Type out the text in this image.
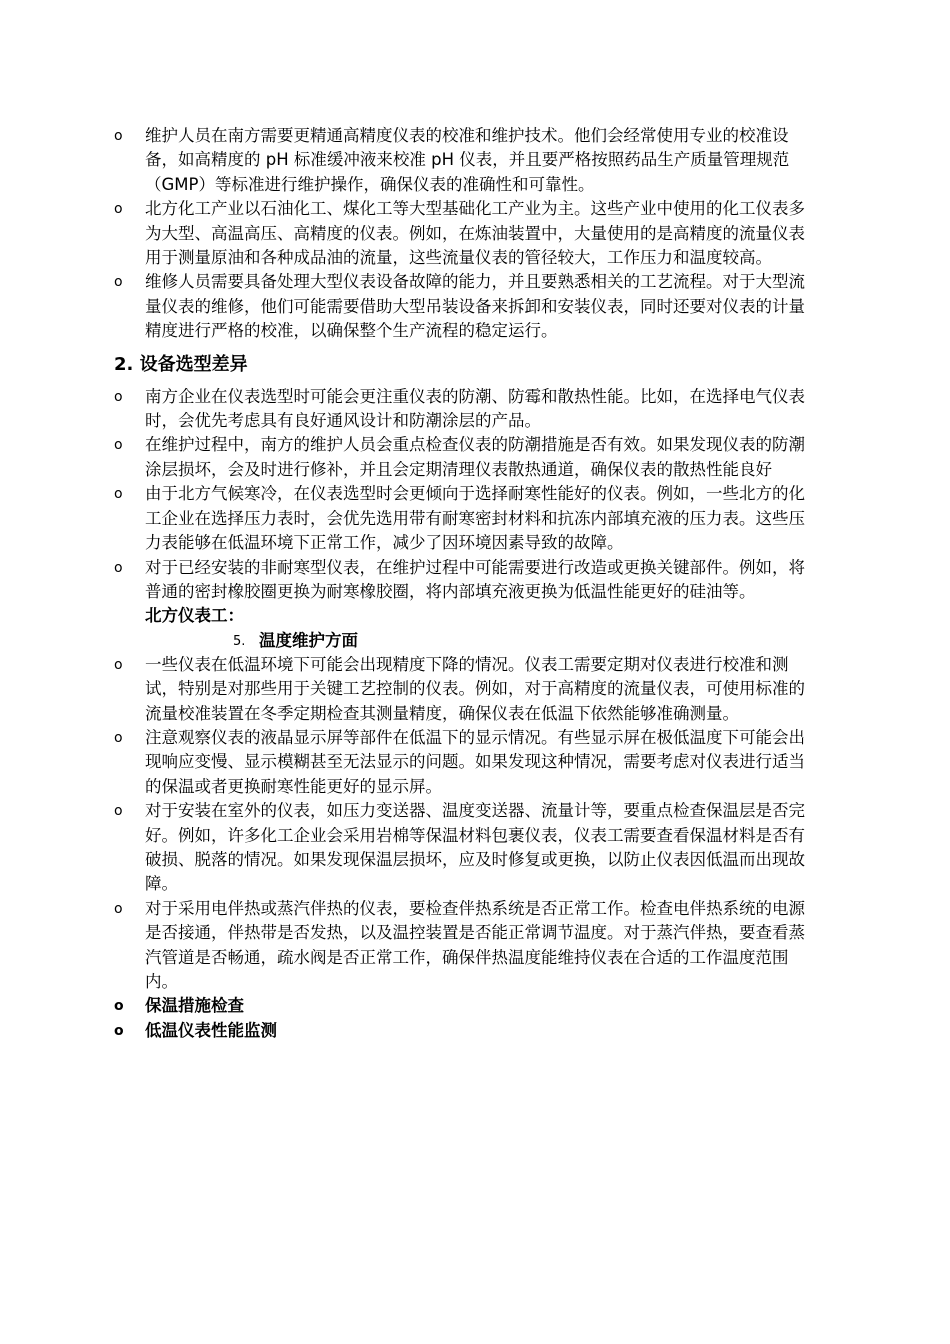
o 维护人员在南方需要更精通高精度仪表的校准和维护技术。他们会经常使用专业的校准设备，如高精度的 pH 标准缓冲液来校准 pH 仪表，并且要严格按照药品生产质量管理规范（GMP）等标准进行维护操作，确保仪表的准确性和可靠性。
o 北方化工产业以石油化工、煤化工等大型基础化工产业为主。这些产业中使用的化工仪表多为大型、高温高压、高精度的仪表。例如，在炼油装置中，大量使用的是高精度的流量仪表用于测量原油和各种成品油的流量，这些流量仪表的管径较大，工作压力和温度较高。
o 维修人员需要具备处理大型仪表设备故障的能力，并且要熟悉相关的工艺流程。对于大型流量仪表的维修，他们可能需要借助大型吊装设备来拆卸和安装仪表，同时还要对仪表的计量精度进行严格的校准，以确保整个生产流程的稳定运行。
2. 设备选型差异
o 南方企业在仪表选型时可能会更注重仪表的防潮、防霉和散热性能。比如，在选择电气仪表时，会优先考虑具有良好通风设计和防潮涂层的产品。
o 在维护过程中，南方的维护人员会重点检查仪表的防潮措施是否有效。如果发现仪表的防潮涂层损坏，会及时进行修补，并且会定期清理仪表散热通道，确保仪表的散热性能良好
o 由于北方气候寒冷，在仪表选型时会更倾向于选择耐寒性能好的仪表。例如，一些北方的化工企业在选择压力表时，会优先选用带有耐寒密封材料和抗冻内部填充液的压力表。这些压力表能够在低温环境下正常工作，减少了因环境因素导致的故障。
o 对于已经安装的非耐寒型仪表，在维护过程中可能需要进行改造或更换关键部件。例如，将普通的密封橡胶圈更换为耐寒橡胶圈，将内部填充液更换为低温性能更好的硅油等。
北方仪表工：
5. 温度维护方面
o 一些仪表在低温环境下可能会出现精度下降的情况。仪表工需要定期对仪表进行校准和测试，特别是对那些用于关键工艺控制的仪表。例如，对于高精度的流量仪表，可使用标准的流量校准装置在冬季定期检查其测量精度，确保仪表在低温下依然能够准确测量。
o 注意观察仪表的液晶显示屏等部件在低温下的显示情况。有些显示屏在极低温度下可能会出现响应变慢、显示模糊甚至无法显示的问题。如果发现这种情况，需要考虑对仪表进行适当的保温或者更换耐寒性能更好的显示屏。
o 对于安装在室外的仪表，如压力变送器、温度变送器、流量计等，要重点检查保温层是否完好。例如，许多化工企业会采用岩棉等保温材料包裹仪表，仪表工需要查看保温材料是否有破损、脱落的情况。如果发现保温层损坏，应及时修复或更换，以防止仪表因低温而出现故障。
o 对于采用电伴热或蒸汽伴热的仪表，要检查伴热系统是否正常工作。检查电伴热系统的电源是否接通，伴热带是否发热，以及温控装置是否能正常调节温度。对于蒸汽伴热，要查看蒸汽管道是否畅通，疏水阀是否正常工作，确保伴热温度能维持仪表在合适的工作温度范围内。
o 保温措施检查
o 低温仪表性能监测
